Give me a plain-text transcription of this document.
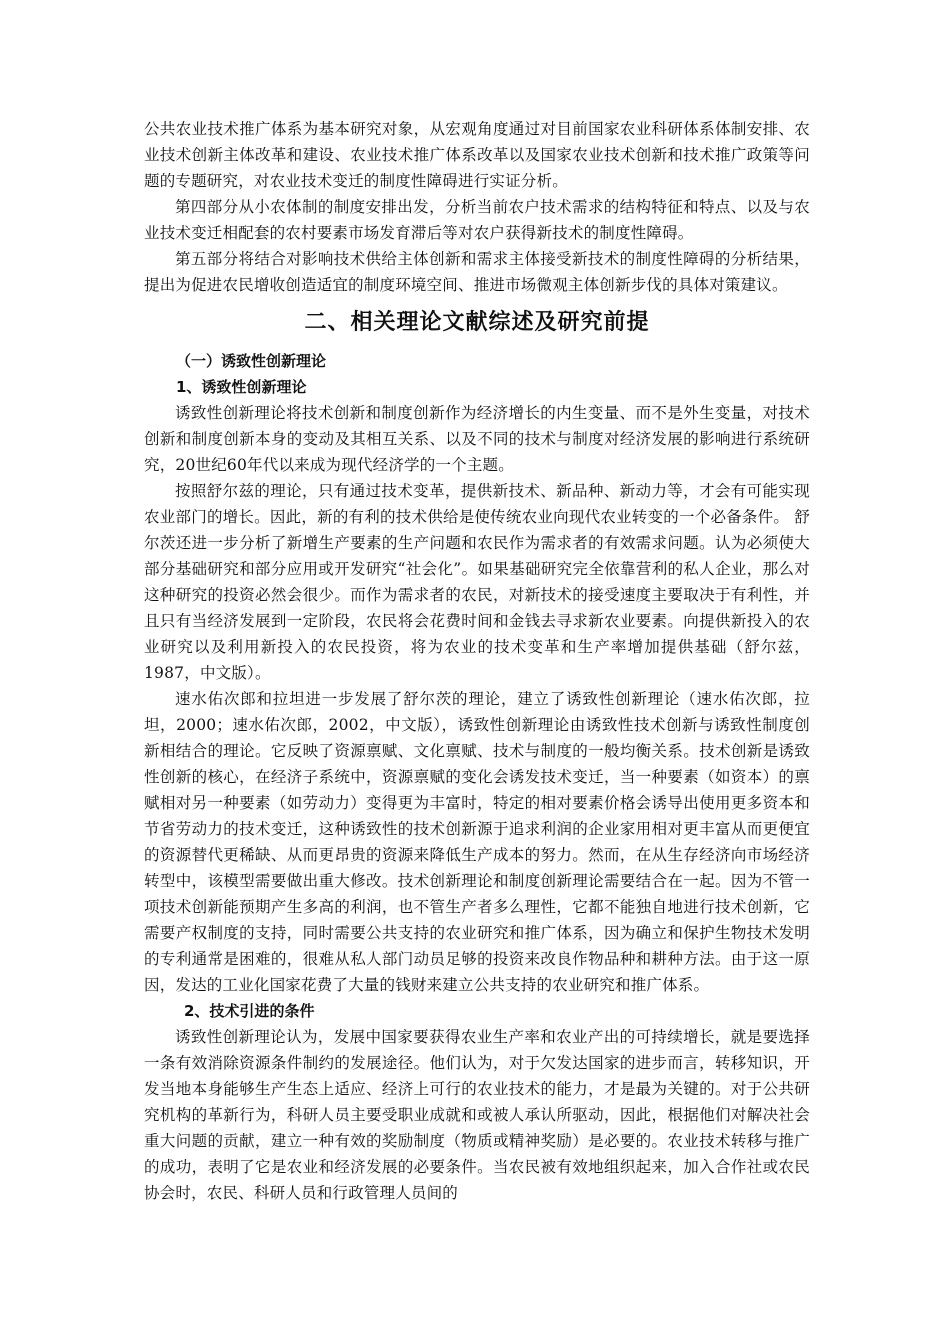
公共农业技术推广体系为基本研究对象，从宏观角度通过对目前国家农业科研体系体制安排、农业技术创新主体改革和建设、农业技术推广体系改革以及国家农业技术创新和技术推广政策等问题的专题研究，对农业技术变迁的制度性障碍进行实证分析。

第四部分从小农体制的制度安排出发，分析当前农户技术需求的结构特征和特点、以及与农业技术变迁相配套的农村要素市场发育滞后等对农户获得新技术的制度性障碍。

第五部分将结合对影响技术供给主体创新和需求主体接受新技术的制度性障碍的分析结果，提出为促进农民增收创造适宜的制度环境空间、推进市场微观主体创新步伐的具体对策建议。

二、相关理论文献综述及研究前提
（一）诱致性创新理论
1、诱致性创新理论

诱致性创新理论将技术创新和制度创新作为经济增长的内生变量、而不是外生变量，对技术创新和制度创新本身的变动及其相互关系、以及不同的技术与制度对经济发展的影响进行系统研究，20世纪60年代以来成为现代经济学的一个主题。

按照舒尔兹的理论，只有通过技术变革，提供新技术、新品种、新动力等，才会有可能实现农业部门的增长。因此，新的有利的技术供给是使传统农业向现代农业转变的一个必备条件。 舒尔茨还进一步分析了新增生产要素的生产问题和农民作为需求者的有效需求问题。认为必须使大部分基础研究和部分应用或开发研究“社会化”。如果基础研究完全依靠营利的私人企业，那么对这种研究的投资必然会很少。而作为需求者的农民，对新技术的接受速度主要取决于有利性，并且只有当经济发展到一定阶段，农民将会花费时间和金钱去寻求新农业要素。向提供新投入的农业研究以及利用新投入的农民投资，将为农业的技术变革和生产率增加提供基础（舒尔兹，1987，中文版）。

速水佑次郎和拉坦进一步发展了舒尔茨的理论，建立了诱致性创新理论（速水佑次郎，拉坦，2000；速水佑次郎，2002，中文版），诱致性创新理论由诱致性技术创新与诱致性制度创新相结合的理论。它反映了资源禀赋、文化禀赋、技术与制度的一般均衡关系。技术创新是诱致性创新的核心，在经济子系统中，资源禀赋的变化会诱发技术变迁，当一种要素（如资本）的禀赋相对另一种要素（如劳动力）变得更为丰富时，特定的相对要素价格会诱导出使用更多资本和节省劳动力的技术变迁，这种诱致性的技术创新源于追求利润的企业家用相对更丰富从而更便宜的资源替代更稀缺、从而更昂贵的资源来降低生产成本的努力。然而，在从生存经济向市场经济转型中，该模型需要做出重大修改。技术创新理论和制度创新理论需要结合在一起。因为不管一项技术创新能预期产生多高的利润，也不管生产者多么理性，它都不能独自地进行技术创新，它需要产权制度的支持，同时需要公共支持的农业研究和推广体系，因为确立和保护生物技术发明的专利通常是困难的，很难从私人部门动员足够的投资来改良作物品种和耕种方法。由于这一原因，发达的工业化国家花费了大量的钱财来建立公共支持的农业研究和推广体系。

2、技术引进的条件

诱致性创新理论认为，发展中国家要获得农业生产率和农业产出的可持续增长，就是要选择一条有效消除资源条件制约的发展途径。他们认为，对于欠发达国家的进步而言，转移知识，开发当地本身能够生产生态上适应、经济上可行的农业技术的能力，才是最为关键的。对于公共研究机构的革新行为，科研人员主要受职业成就和或被人承认所驱动，因此，根据他们对解决社会重大问题的贡献，建立一种有效的奖励制度（物质或精神奖励）是必要的。农业技术转移与推广的成功，表明了它是农业和经济发展的必要条件。当农民被有效地组织起来，加入合作社或农民协会时，农民、科研人员和行政管理人员间的
